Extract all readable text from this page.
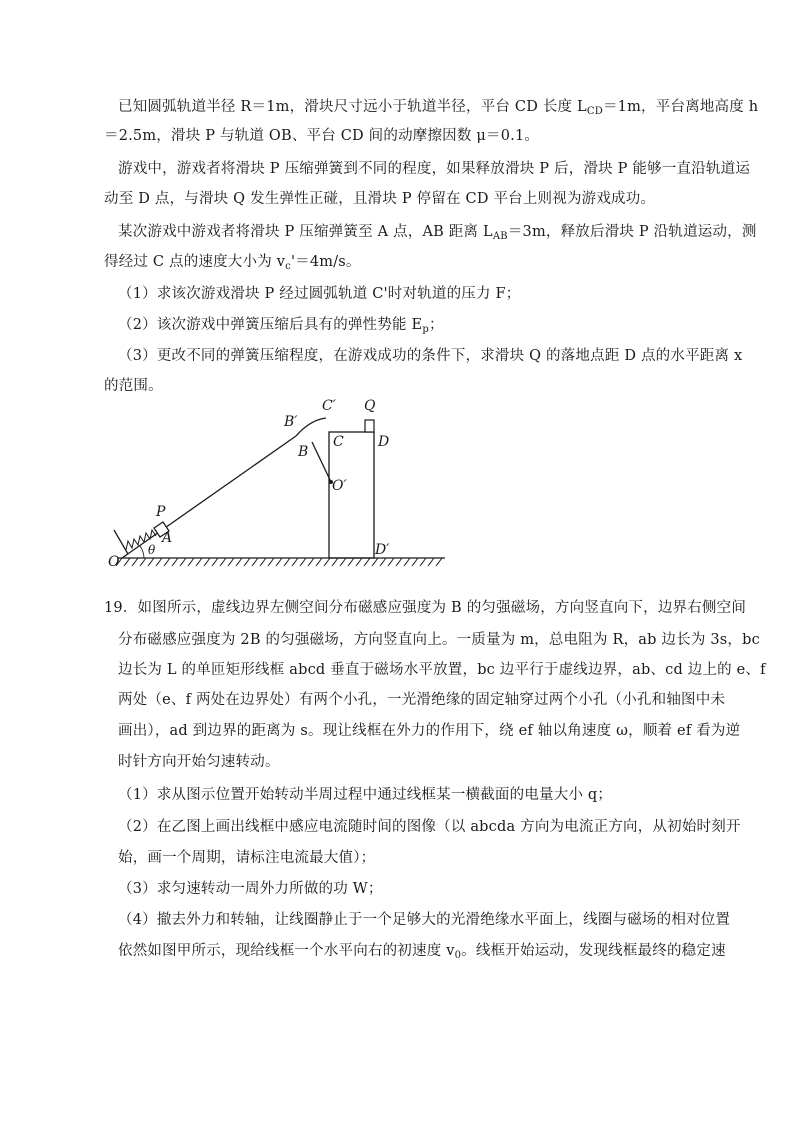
已知圆弧轨道半径 R＝1m，滑块尺寸远小于轨道半径，平台 CD 长度 $L_{CD}=1m$，平台离地高度 h
＝2.5m，滑块 P 与轨道 OB、平台 CD 间的动摩擦因数 μ＝0.1。
游戏中，游戏者将滑块 P 压缩弹簧到不同的程度，如果释放滑块 P 后，滑块 P 能够一直沿轨道运
动至 D 点，与滑块 Q 发生弹性正碰，且滑块 P 停留在 CD 平台上则视为游戏成功。
某次游戏中游戏者将滑块 P 压缩弹簧至 A 点，AB 距离 $L_{AB}=3m$，释放后滑块 P 沿轨道运动，测
得经过 C 点的速度大小为 $v_c'=4m/s$。
（1）求该次游戏滑块 P 经过圆弧轨道 C'时对轨道的压力 F；
（2）该次游戏中弹簧压缩后具有的弹性势能 $E_p$；
（3）更改不同的弹簧压缩程度，在游戏成功的条件下，求滑块 Q 的落地点距 D 点的水平距离 x
的范围。
O
A
P
θ
B
B′
C′
C
O′
Q
D
D′
19．如图所示，虚线边界左侧空间分布磁感应强度为 B 的匀强磁场，方向竖直向下，边界右侧空间
分布磁感应强度为 2B 的匀强磁场，方向竖直向上。一质量为 m，总电阻为 R，ab 边长为 3s，bc
边长为 L 的单匝矩形线框 abcd 垂直于磁场水平放置，bc 边平行于虚线边界，ab、cd 边上的 e、f
两处（e、f 两处在边界处）有两个小孔，一光滑绝缘的固定轴穿过两个小孔（小孔和轴图中未
画出），ad 到边界的距离为 s。现让线框在外力的作用下，绕 ef 轴以角速度 ω，顺着 ef 看为逆
时针方向开始匀速转动。
（1）求从图示位置开始转动半周过程中通过线框某一横截面的电量大小 q；
（2）在乙图上画出线框中感应电流随时间的图像（以 abcda 方向为电流正方向，从初始时刻开
始，画一个周期，请标注电流最大值）；
（3）求匀速转动一周外力所做的功 W；
（4）撤去外力和转轴，让线圈静止于一个足够大的光滑绝缘水平面上，线圈与磁场的相对位置
依然如图甲所示，现给线框一个水平向右的初速度 $v_0$。线框开始运动，发现线框最终的稳定速
